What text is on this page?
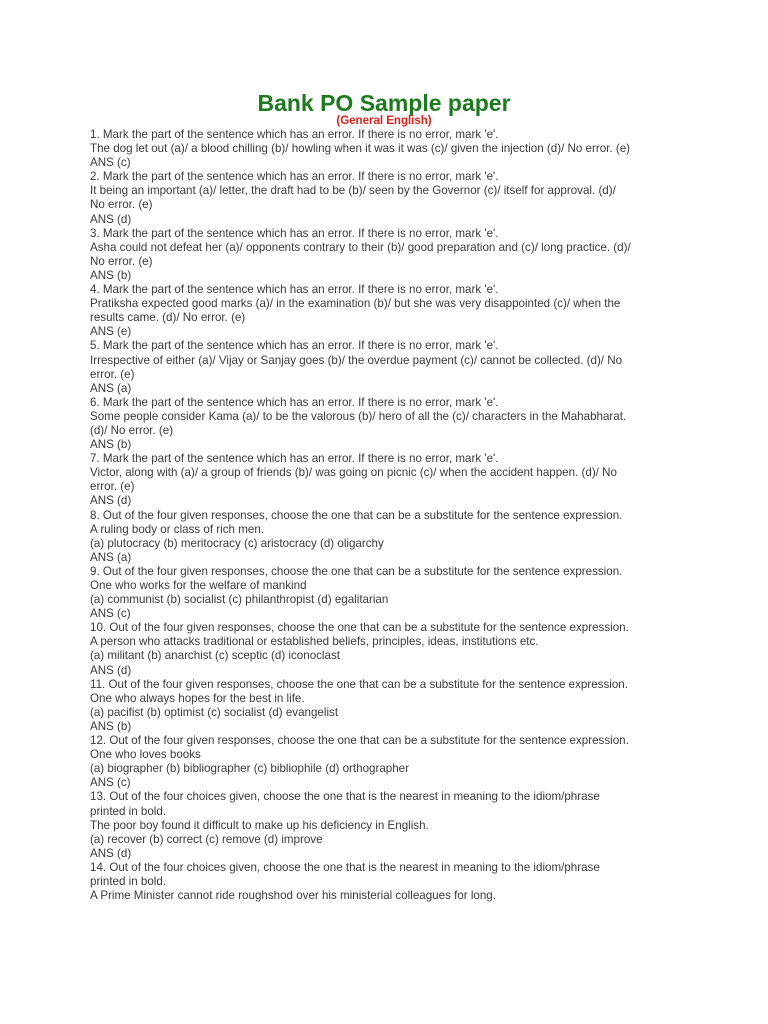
Bank PO Sample paper
(General English)
1. Mark the part of the sentence which has an error. If there is no error, mark 'e'.
The dog let out (a)/ a blood chilling (b)/ howling when it was it was (c)/ given the injection (d)/ No error. (e)
ANS (c)
2. Mark the part of the sentence which has an error. If there is no error, mark 'e'.
It being an important (a)/ letter, the draft had to be (b)/ seen by the Governor (c)/ itself for approval. (d)/
No error. (e)
ANS (d)
3. Mark the part of the sentence which has an error. If there is no error, mark 'e'.
Asha could not defeat her (a)/ opponents contrary to their (b)/ good preparation and (c)/ long practice. (d)/
No error. (e)
ANS (b)
4. Mark the part of the sentence which has an error. If there is no error, mark 'e'.
Pratiksha expected good marks (a)/ in the examination (b)/ but she was very disappointed (c)/ when the
results came. (d)/ No error. (e)
ANS (e)
5. Mark the part of the sentence which has an error. If there is no error, mark 'e'.
Irrespective of either (a)/ Vijay or Sanjay goes (b)/ the overdue payment (c)/ cannot be collected. (d)/ No
error. (e)
ANS (a)
6. Mark the part of the sentence which has an error. If there is no error, mark 'e'.
Some people consider Kama (a)/ to be the valorous (b)/ hero of all the (c)/ characters in the Mahabharat.
(d)/ No error. (e)
ANS (b)
7. Mark the part of the sentence which has an error. If there is no error, mark 'e'.
Victor, along with (a)/ a group of friends (b)/ was going on picnic (c)/ when the accident happen. (d)/ No
error. (e)
ANS (d)
8. Out of the four given responses, choose the one that can be a substitute for the sentence expression.
A ruling body or class of rich men.
(a) plutocracy (b) meritocracy (c) aristocracy (d) oligarchy
ANS (a)
9. Out of the four given responses, choose the one that can be a substitute for the sentence expression.
One who works for the welfare of mankind
(a) communist (b) socialist (c) philanthropist (d) egalitarian
ANS (c)
10. Out of the four given responses, choose the one that can be a substitute for the sentence expression.
A person who attacks traditional or established beliefs, principles, ideas, institutions etc.
(a) militant (b) anarchist (c) sceptic (d) iconoclast
ANS (d)
11. Out of the four given responses, choose the one that can be a substitute for the sentence expression.
One who always hopes for the best in life.
(a) pacifist (b) optimist (c) socialist (d) evangelist
ANS (b)
12. Out of the four given responses, choose the one that can be a substitute for the sentence expression.
One who loves books
(a) biographer (b) bibliographer (c) bibliophile (d) orthographer
ANS (c)
13. Out of the four choices given, choose the one that is the nearest in meaning to the idiom/phrase
printed in bold.
The poor boy found it difficult to make up his deficiency in English.
(a) recover (b) correct (c) remove (d) improve
ANS (d)
14. Out of the four choices given, choose the one that is the nearest in meaning to the idiom/phrase
printed in bold.
A Prime Minister cannot ride roughshod over his ministerial colleagues for long.
